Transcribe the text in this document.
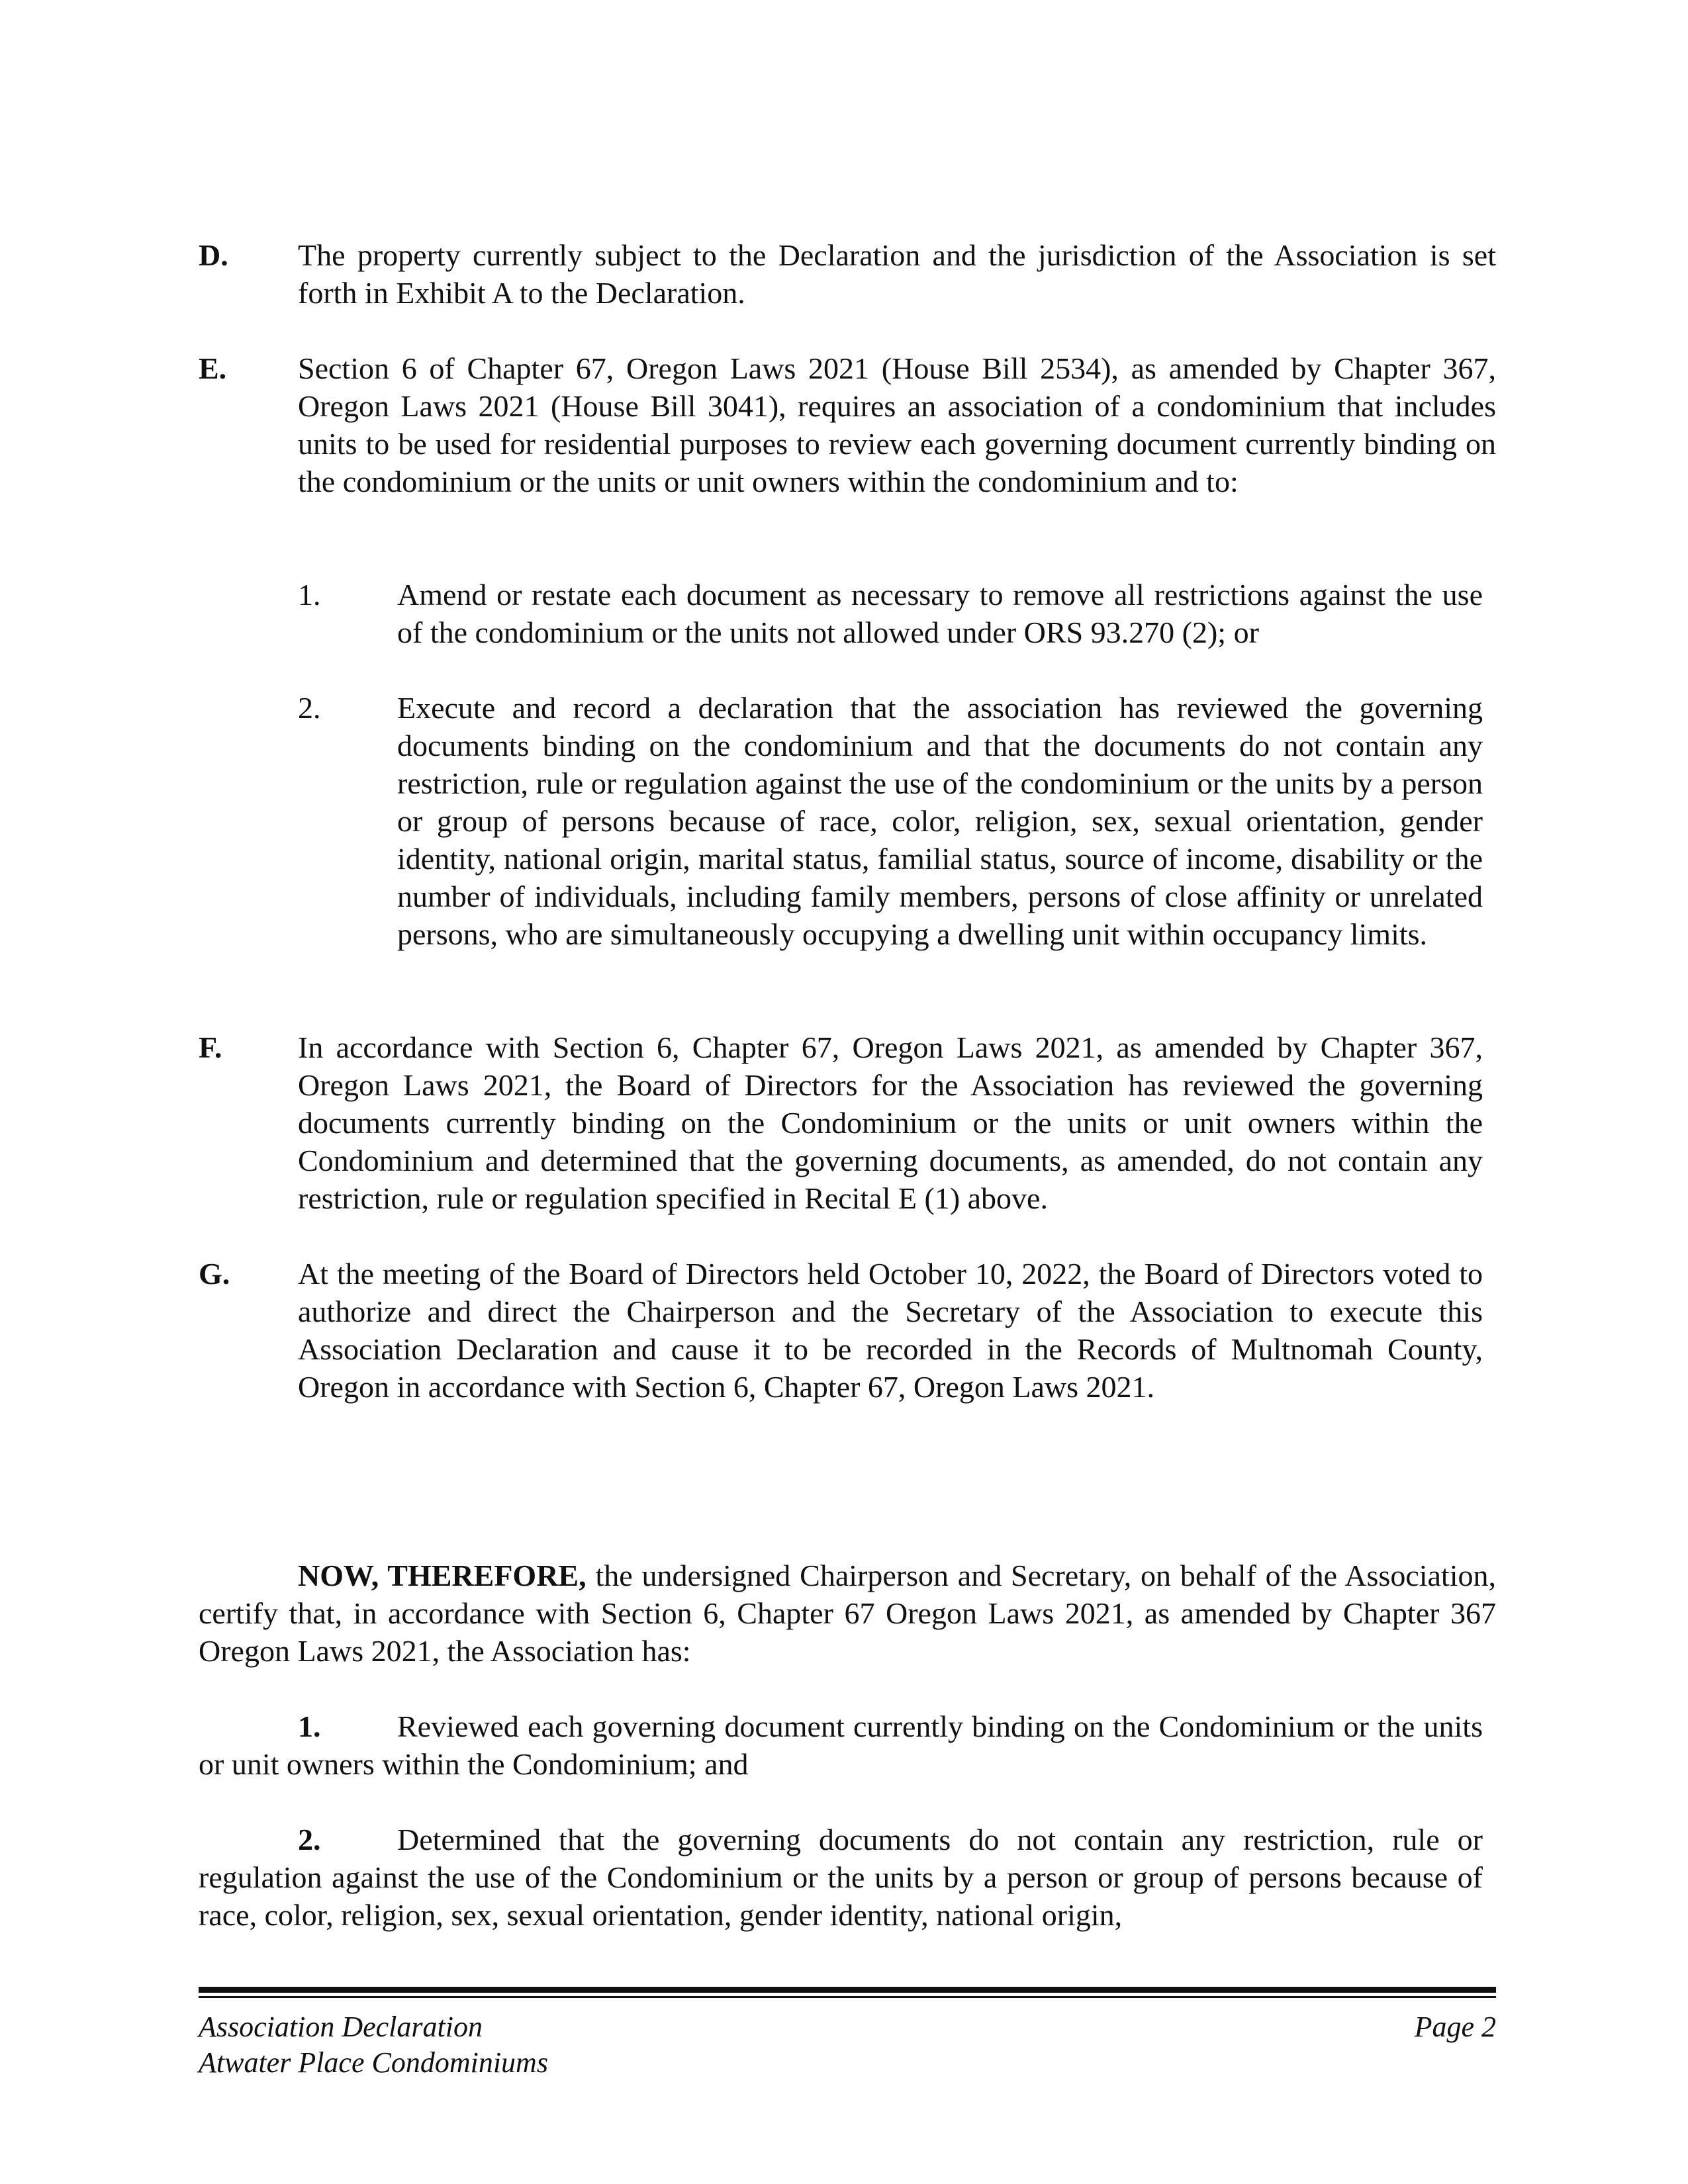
D. The property currently subject to the Declaration and the jurisdiction of the Association is set forth in Exhibit A to the Declaration.

E. Section 6 of Chapter 67, Oregon Laws 2021 (House Bill 2534), as amended by Chapter 367, Oregon Laws 2021 (House Bill 3041), requires an association of a condominium that includes units to be used for residential purposes to review each governing document currently binding on the condominium or the units or unit owners within the condominium and to:

1.	Amend or restate each document as necessary to remove all restrictions against the use of the condominium or the units not allowed under ORS 93.270 (2); or

2.	Execute and record a declaration that the association has reviewed the governing documents binding on the condominium and that the documents do not contain any restriction, rule or regulation against the use of the condominium or the units by a person or group of persons because of race, color, religion, sex, sexual orientation, gender identity, national origin, marital status, familial status, source of income, disability or the number of individuals, including family members, persons of close affinity or unrelated persons, who are simultaneously occupying a dwelling unit within occupancy limits.

F. In accordance with Section 6, Chapter 67, Oregon Laws 2021, as amended by Chapter 367, Oregon Laws 2021, the Board of Directors for the Association has reviewed the governing documents currently binding on the Condominium or the units or unit owners within the Condominium and determined that the governing documents, as amended, do not contain any restriction, rule or regulation specified in Recital E (1) above.

G. At the meeting of the Board of Directors held October 10, 2022, the Board of Directors voted to authorize and direct the Chairperson and the Secretary of the Association to execute this Association Declaration and cause it to be recorded in the Records of Multnomah County, Oregon in accordance with Section 6, Chapter 67, Oregon Laws 2021.

NOW, THEREFORE, the undersigned Chairperson and Secretary, on behalf of the Association, certify that, in accordance with Section 6, Chapter 67 Oregon Laws 2021, as amended by Chapter 367 Oregon Laws 2021, the Association has:

1.	Reviewed each governing document currently binding on the Condominium or the units or unit owners within the Condominium; and

2.	Determined that the governing documents do not contain any restriction, rule or regulation against the use of the Condominium or the units by a person or group of persons because of race, color, religion, sex, sexual orientation, gender identity, national origin,

Association Declaration

Atwater Place Condominiums

Page 2
